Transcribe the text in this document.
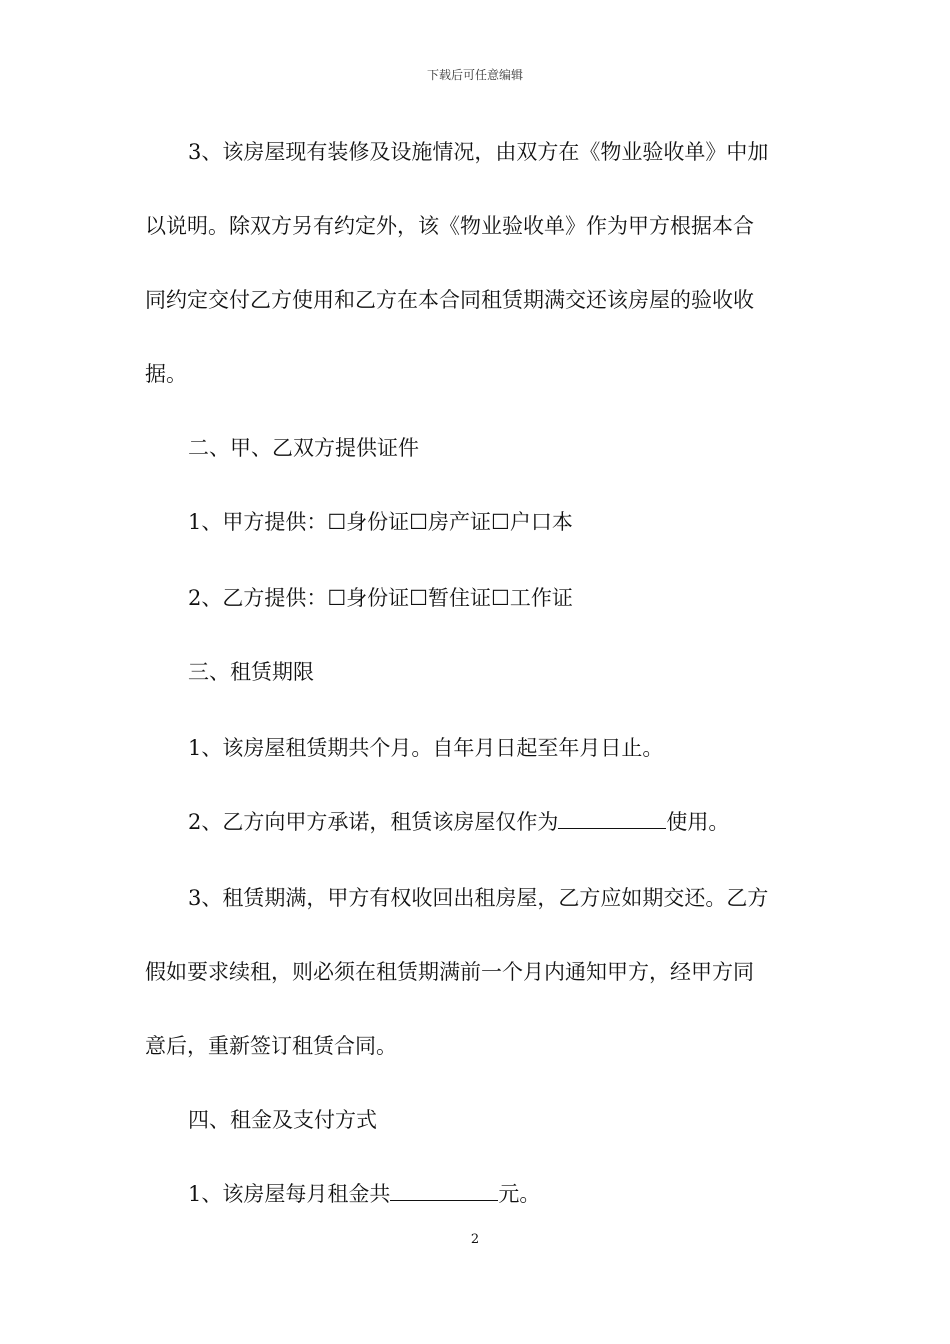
下载后可任意编辑
3、该房屋现有装修及设施情况，由双方在《物业验收单》中加
以说明。除双方另有约定外，该《物业验收单》作为甲方根据本合
同约定交付乙方使用和乙方在本合同租赁期满交还该房屋的验收收
据。
二、甲、乙双方提供证件
1、甲方提供：☐身份证☐房产证☐户口本
2、乙方提供：☐身份证☐暂住证☐工作证
三、租赁期限
1、该房屋租赁期共个月。自年月日起至年月日止。
2、乙方向甲方承诺，租赁该房屋仅作为	使用。
3、租赁期满，甲方有权收回出租房屋，乙方应如期交还。乙方
假如要求续租，则必须在租赁期满前一个月内通知甲方，经甲方同
意后，重新签订租赁合同。
四、租金及支付方式
1、该房屋每月租金共	元。
2
